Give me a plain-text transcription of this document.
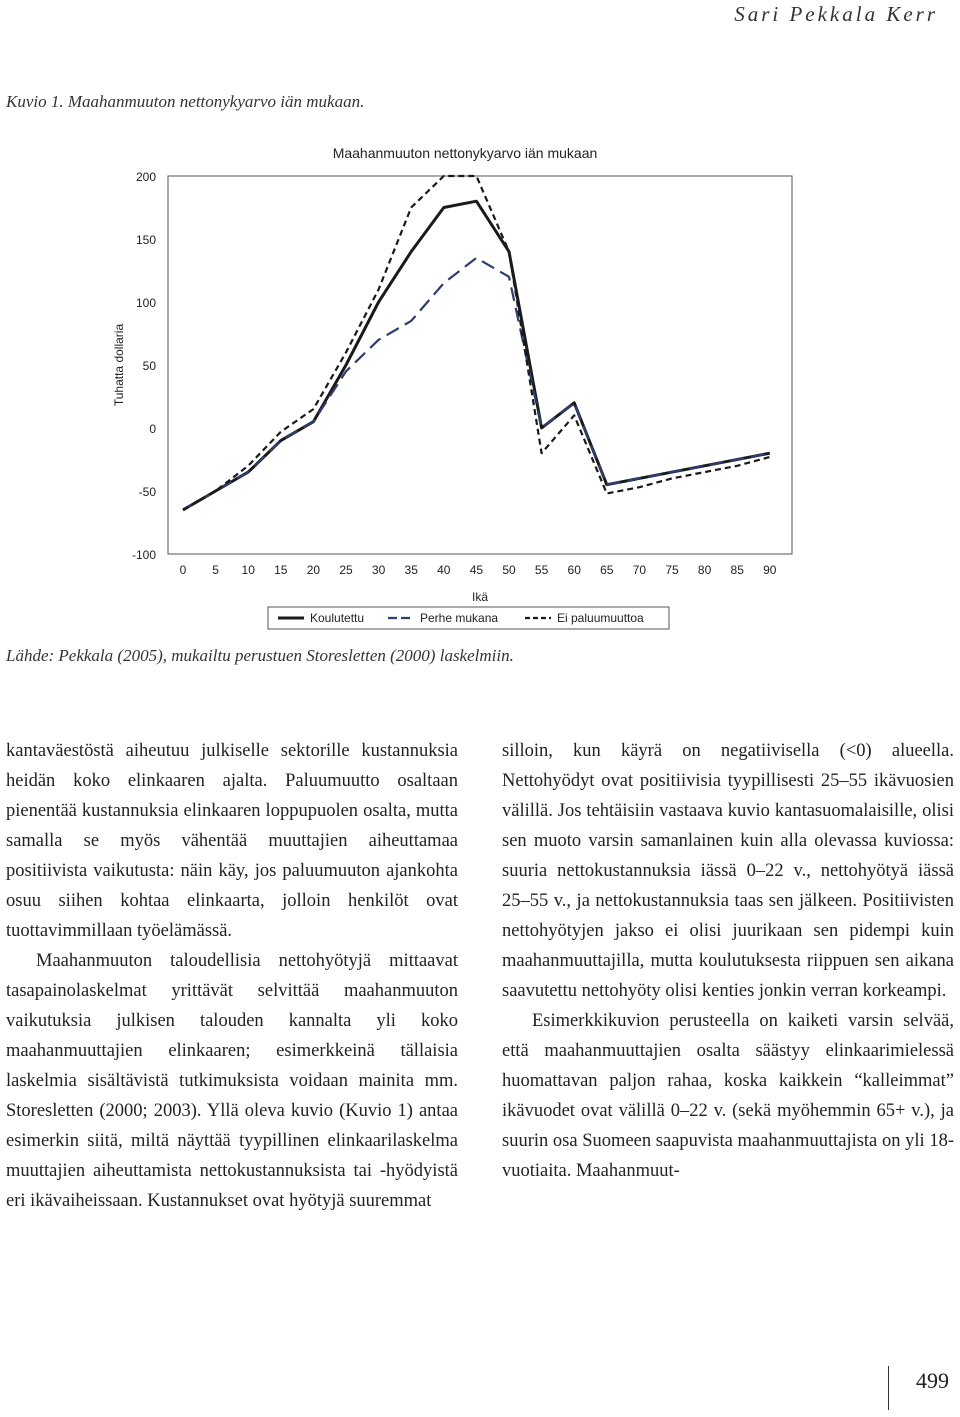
Sari Pekkala Kerr
Kuvio 1. Maahanmuuton nettonykyarvo iän mukaan.
Maahanmuuton nettonykyarvo iän mukaan
200
150
100
50
0
-50
-100
Tuhatta dollaria
0 5 10 15 20 25 30 35 40 45 50 55 60 65 70 75 80 85 90
Ikä
Koulutettu	Perhe mukana	Ei paluumuuttoa
Lähde: Pekkala (2005), mukailtu perustuen Storesletten (2000) laskelmiin.

kantaväestöstä aiheutuu julkiselle sektorille kustannuksia heidän koko elinkaaren ajalta. Paluumuutto osaltaan pienentää kustannuksia elinkaaren loppupuolen osalta, mutta samalla se myös vähentää muuttajien aiheuttamaa positiivista vaikutusta: näin käy, jos paluumuuton ajankohta osuu siihen kohtaa elinkaarta, jolloin henkilöt ovat tuottavimmillaan työelämässä.

Maahanmuuton taloudellisia nettohyötyjä mittaavat tasapainolaskelmat yrittävät selvittää maahanmuuton vaikutuksia julkisen talouden kannalta yli koko maahanmuuttajien elinkaaren; esimerkkeinä tällaisia laskelmia sisältävistä tutkimuksista voidaan mainita mm. Storesletten (2000; 2003). Yllä oleva kuvio (Kuvio 1) antaa esimerkin siitä, miltä näyttää tyypillinen elinkaarilaskelma muuttajien aiheuttamista nettokustannuksista tai -hyödyistä eri ikävaiheissaan. Kustannukset ovat hyötyjä suuremmat

silloin, kun käyrä on negatiivisella (<0) alueella. Nettohyödyt ovat positiivisia tyypillisesti 25–55 ikävuosien välillä. Jos tehtäisiin vastaava kuvio kantasuomalaisille, olisi sen muoto varsin samanlainen kuin alla olevassa kuviossa: suuria nettokustannuksia iässä 0–22 v., nettohyötyä iässä 25–55 v., ja nettokustannuksia taas sen jälkeen. Positiivisten nettohyötyjen jakso ei olisi juurikaan sen pidempi kuin maahanmuuttajilla, mutta koulutuksesta riippuen sen aikana saavutettu nettohyöty olisi kenties jonkin verran korkeampi.

Esimerkkikuvion perusteella on kaiketi varsin selvää, että maahanmuuttajien osalta säästyy elinkaarimielessä huomattavan paljon rahaa, koska kaikkein “kalleimmat” ikävuodet ovat välillä 0–22 v. (sekä myöhemmin 65+ v.), ja suurin osa Suomeen saapuvista maahanmuuttajista on yli 18-vuotiaita. Maahanmuut-

499
